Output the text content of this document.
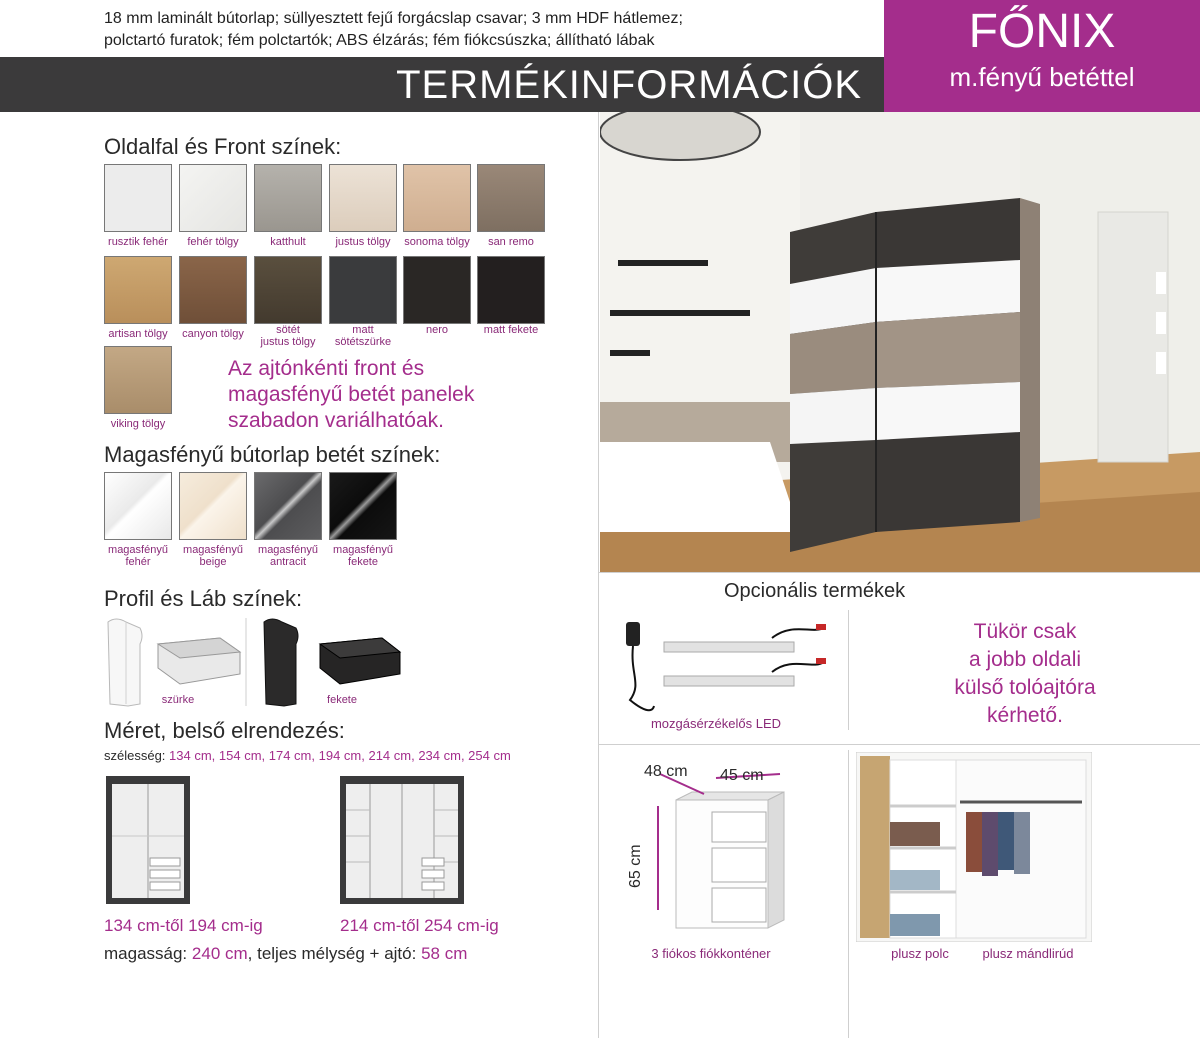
18 mm laminált bútorlap; süllyesztett fejű forgácslap csavar; 3 mm HDF hátlemez;
polctartó furatok; fém polctartók; ABS élzárás; fém fiókcsúszka; állítható lábak
TERMÉKINFORMÁCIÓK
FŐNIX
m.fényű betéttel
Oldalfal és Front színek:
rusztik fehér	fehér tölgy	katthult	justus tölgy	sonoma tölgy	san remo
artisan tölgy	canyon tölgy	sötét
justus tölgy
matt
sötétszürke
nero	matt fekete
viking tölgy
Az ajtónkénti front és
magasfényű betét panelek
szabadon variálhatóak.
Magasfényű bútorlap betét színek:
magasfényű
fehér
magasfényű
beige
magasfényű
antracit
magasfényű
fekete
Profil és Láb színek:
szürke	fekete
Méret, belső elrendezés:
szélesség: 134 cm, 154 cm, 174 cm, 194 cm, 214 cm, 234 cm, 254 cm
134 cm-től 194 cm-ig	214 cm-től 254 cm-ig
magasság: 240 cm, teljes mélység + ajtó: 58 cm
Opcionális termékek
mozgásérzékelős LED
Tükör csak
a jobb oldali
külső tolóajtóra
kérhető.
48 cm 45 cm
65 cm
3 fiókos fiókkonténer	plusz polc	plusz mándlirúd
